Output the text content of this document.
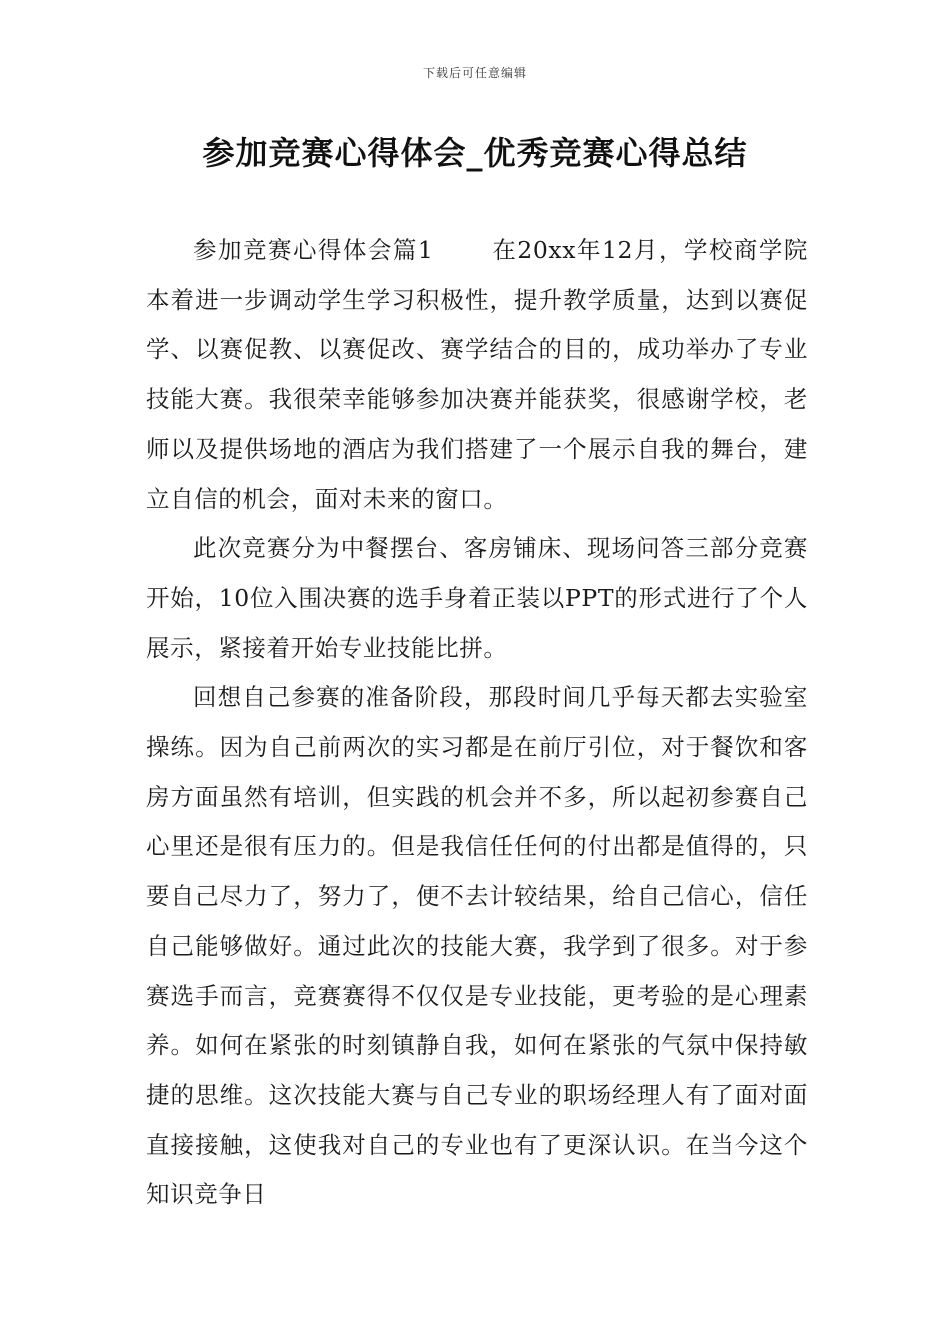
下载后可任意编辑
参加竞赛心得体会_优秀竞赛心得总结

参加竞赛心得体会篇1 在20xx年12月，学校商学院本着进一步调动学生学习积极性，提升教学质量，达到以赛促学、以赛促教、以赛促改、赛学结合的目的，成功举办了专业技能大赛。我很荣幸能够参加决赛并能获奖，很感谢学校，老师以及提供场地的酒店为我们搭建了一个展示自我的舞台，建立自信的机会，面对未来的窗口。

此次竞赛分为中餐摆台、客房铺床、现场问答三部分竞赛开始，10位入围决赛的选手身着正装以PPT的形式进行了个人展示，紧接着开始专业技能比拼。

回想自己参赛的准备阶段，那段时间几乎每天都去实验室操练。因为自己前两次的实习都是在前厅引位，对于餐饮和客房方面虽然有培训，但实践的机会并不多，所以起初参赛自己心里还是很有压力的。但是我信任任何的付出都是值得的，只要自己尽力了，努力了，便不去计较结果，给自己信心，信任自己能够做好。通过此次的技能大赛，我学到了很多。对于参赛选手而言，竞赛赛得不仅仅是专业技能，更考验的是心理素养。如何在紧张的时刻镇静自我，如何在紧张的气氛中保持敏捷的思维。这次技能大赛与自己专业的职场经理人有了面对面直接接触，这使我对自己的专业也有了更深认识。在当今这个知识竞争日
